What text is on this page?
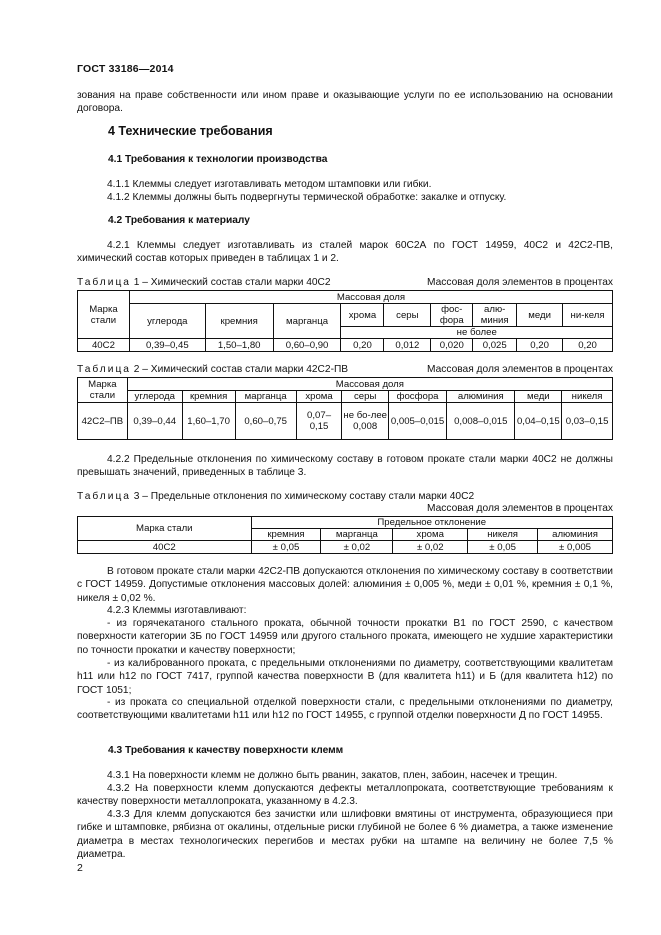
ГОСТ 33186—2014

зования на праве собственности или ином праве и оказывающие услуги по ее использованию на основании договора.

4 Технические требования
4.1 Требования к технологии производства

4.1.1 Клеммы следует изготавливать методом штамповки или гибки.

4.1.2 Клеммы должны быть подвергнуты термической обработке: закалке и отпуску.

4.2 Требования к материалу

4.2.1 Клеммы следует изготавливать из сталей марок 60С2А по ГОСТ 14959, 40С2 и 42С2-ПВ, химический состав которых приведен в таблицах 1 и 2.

Таблица 1 – Химический состав стали марки 40С2	Массовая доля элементов в процентах
Марка стали	Массовая доля								
	углерода	кремния	марганца	хрома	серы	фос-фора	алю-миния	меди	ни-келя
				не более					
40С2	0,39–0,45	1,50–1,80	0,60–0,90	0,20	0,012	0,020	0,025	0,20	0,20
Таблица 2 – Химический состав стали марки 42С2-ПВ	Массовая доля элементов в процентах
Марка стали	Массовая доля								
	углерода	кремния	марганца	хрома	серы	фосфора	алюминия	меди	никеля
42С2–ПВ	0,39–0,44	1,60–1,70	0,60–0,75	0,07–0,15	не бо-лее 0,008	0,005–0,015	0,008–0,015	0,04–0,15	0,03–0,15

4.2.2 Предельные отклонения по химическому составу в готовом прокате стали марки 40С2 не должны превышать значений, приведенных в таблице 3.

Таблица 3 – Предельные отклонения по химическому составу стали марки 40С2
Массовая доля элементов в процентах
Марка стали	Предельное отклонение				
	кремния	марганца	хрома	никеля	алюминия
40С2	± 0,05	± 0,02	± 0,02	± 0,05	± 0,005

В готовом прокате стали марки 42С2-ПВ допускаются отклонения по химическому составу в соответствии с ГОСТ 14959. Допустимые отклонения массовых долей: алюминия ± 0,005 %, меди ± 0,01 %, кремния ± 0,1 %, никеля ± 0,02 %.

4.2.3 Клеммы изготавливают:

- из горячекатаного стального проката, обычной точности прокатки В1 по ГОСТ 2590, с качеством поверхности категории 3Б по ГОСТ 14959 или другого стального проката, имеющего не худшие характеристики по точности прокатки и качеству поверхности;

- из калиброванного проката, с предельными отклонениями по диаметру, соответствующими квалитетам h11 или h12 по ГОСТ 7417, группой качества поверхности В (для квалитета h11) и Б (для квалитета h12) по ГОСТ 1051;

- из проката со специальной отделкой поверхности стали, с предельными отклонениями по диаметру, соответствующими квалитетами h11 или h12 по ГОСТ 14955, с группой отделки поверхности Д по ГОСТ 14955.

4.3 Требования к качеству поверхности клемм

4.3.1 На поверхности клемм не должно быть рванин, закатов, плен, забоин, насечек и трещин.

4.3.2 На поверхности клемм допускаются дефекты металлопроката, соответствующие требованиям к качеству поверхности металлопроката, указанному в 4.2.3.

4.3.3 Для клемм допускаются без зачистки или шлифовки вмятины от инструмента, образующиеся при гибке и штамповке, рябизна от окалины, отдельные риски глубиной не более 6 % диаметра, а также изменение диаметра в местах технологических перегибов и местах рубки на штампе на величину не более 7,5 % диаметра.

2
